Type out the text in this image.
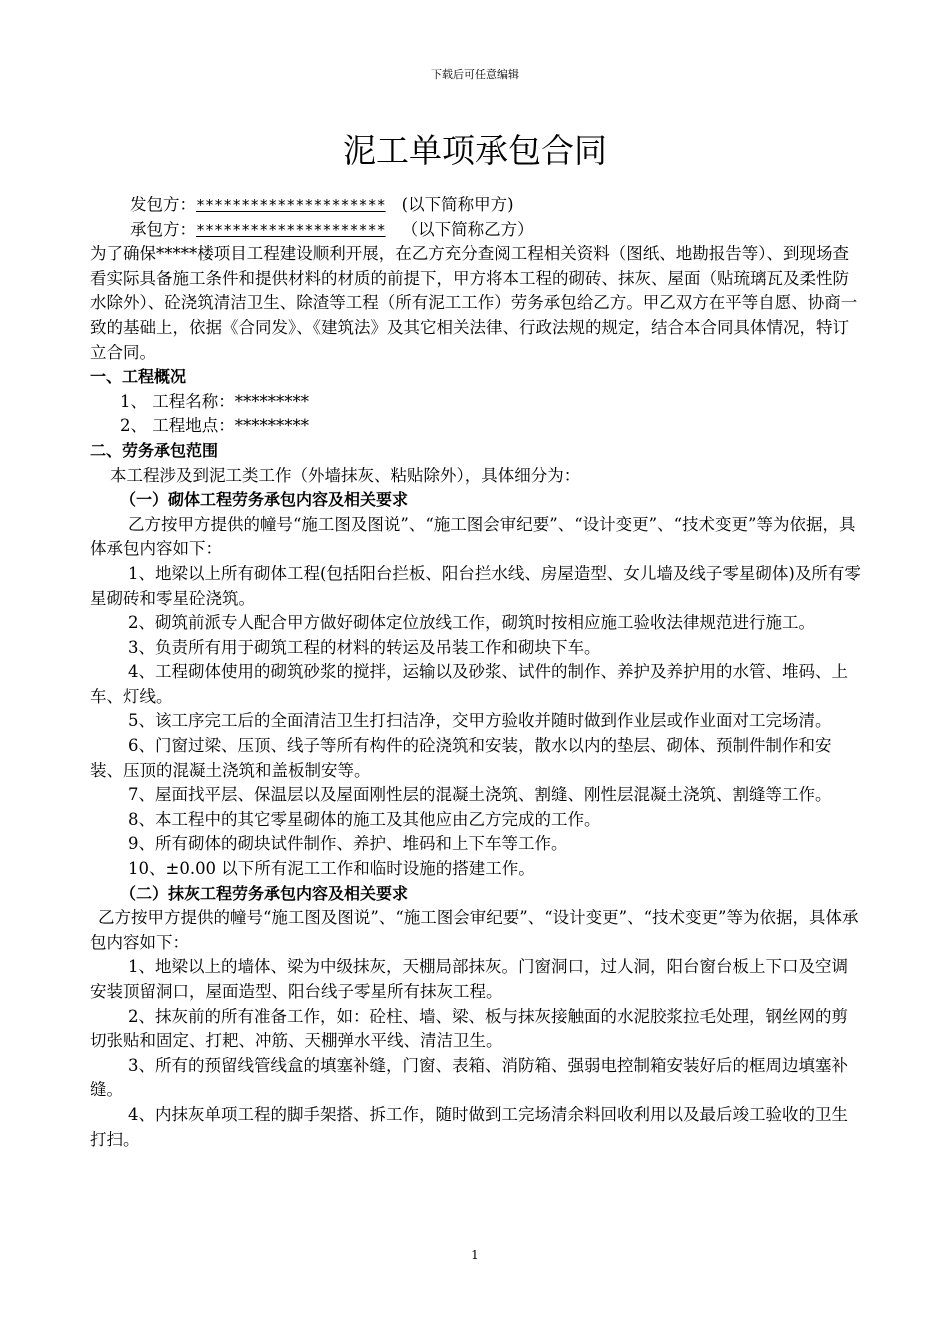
下载后可任意编辑
泥工单项承包合同

发包方：********************* (以下简称甲方)

承包方：********************* （以下简称乙方）

为了确保*****楼项目工程建设顺利开展，在乙方充分查阅工程相关资料（图纸、地勘报告等）、到现场查看实际具备施工条件和提供材料的材质的前提下，甲方将本工程的砌砖、抹灰、屋面（贴琉璃瓦及柔性防水除外）、砼浇筑清洁卫生、除渣等工程（所有泥工工作）劳务承包给乙方。甲乙双方在平等自愿、协商一致的基础上，依据《合同发》、《建筑法》及其它相关法律、行政法规的规定，结合本合同具体情况，特订立合同。

一、工程概况

1、 工程名称：*********

2、 工程地点：*********

二、劳务承包范围

本工程涉及到泥工类工作（外墙抹灰、粘贴除外），具体细分为：

（一）砌体工程劳务承包内容及相关要求

乙方按甲方提供的幢号“施工图及图说”、“施工图会审纪要”、“设计变更”、“技术变更”等为依据，具体承包内容如下：

1、地梁以上所有砌体工程(包括阳台拦板、阳台拦水线、房屋造型、女儿墙及线子零星砌体)及所有零星砌砖和零星砼浇筑。

2、砌筑前派专人配合甲方做好砌体定位放线工作，砌筑时按相应施工验收法律规范进行施工。

3、负责所有用于砌筑工程的材料的转运及吊装工作和砌块下车。

4、工程砌体使用的砌筑砂浆的搅拌，运输以及砂浆、试件的制作、养护及养护用的水管、堆码、上车、灯线。

5、该工序完工后的全面清洁卫生打扫洁净，交甲方验收并随时做到作业层或作业面对工完场清。

6、门窗过梁、压顶、线子等所有构件的砼浇筑和安装，散水以内的垫层、砌体、预制件制作和安装、压顶的混凝土浇筑和盖板制安等。

7、屋面找平层、保温层以及屋面刚性层的混凝土浇筑、割缝、刚性层混凝土浇筑、割缝等工作。

8、本工程中的其它零星砌体的施工及其他应由乙方完成的工作。

9、所有砌体的砌块试件制作、养护、堆码和上下车等工作。

10、±0.00 以下所有泥工工作和临时设施的搭建工作。

（二）抹灰工程劳务承包内容及相关要求

乙方按甲方提供的幢号“施工图及图说”、“施工图会审纪要”、“设计变更”、“技术变更”等为依据，具体承包内容如下：

1、地梁以上的墙体、梁为中级抹灰，天棚局部抹灰。门窗洞口，过人洞，阳台窗台板上下口及空调安装顶留洞口，屋面造型、阳台线子零星所有抹灰工程。

2、抹灰前的所有准备工作，如：砼柱、墙、梁、板与抹灰接触面的水泥胶浆拉毛处理，钢丝网的剪切张贴和固定、打耙、冲筋、天棚弹水平线、清洁卫生。

3、所有的预留线管线盒的填塞补缝，门窗、表箱、消防箱、强弱电控制箱安装好后的框周边填塞补缝。

4、内抹灰单项工程的脚手架搭、拆工作，随时做到工完场清余料回收利用以及最后竣工验收的卫生打扫。

1
